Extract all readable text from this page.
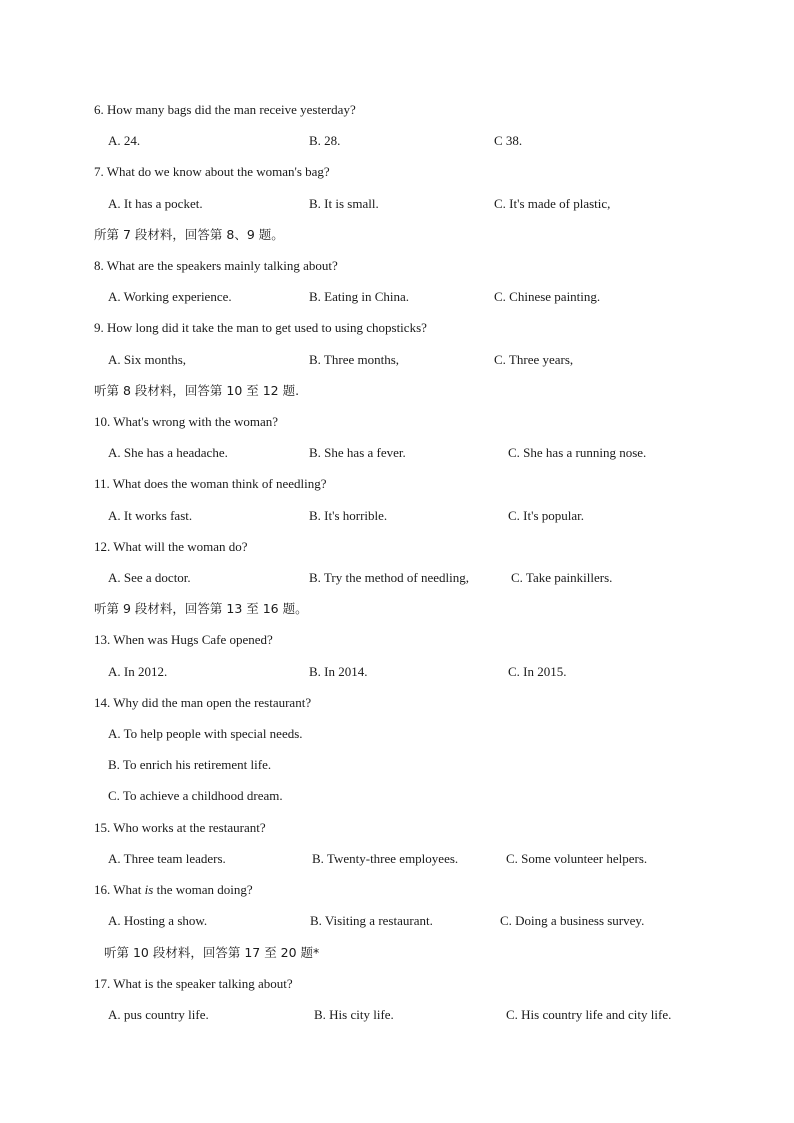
6. How many bags did the man receive yesterday?
A. 24.	B. 28.	C 38.
7. What do we know about the woman's bag?
A. It has a pocket.	B. It is small.	C. It's made of plastic,
所第 7 段材料，回答第 8、9 题。
8. What are the speakers mainly talking about?
A. Working experience.	B. Eating in China.	C. Chinese painting.
9. How long did it take the man to get used to using chopsticks?
A. Six months,	B. Three months,	C. Three years,
听第 8 段材料，回答第 10 至 12 题.
10. What's wrong with the woman?
A. She has a headache.	B. She has a fever.	C. She has a running nose.
11. What does the woman think of needling?
A. It works fast.	B. It's horrible.	C. It's popular.
12. What will the woman do?
A. See a doctor.	B. Try the method of needling,	C. Take painkillers.
听第 9 段材料，回答第 13 至 16 题。
13. When was Hugs Cafe opened?
A. In 2012.	B. In 2014.	C. In 2015.
14. Why did the man open the restaurant?
A. To help people with special needs.
B. To enrich his retirement life.
C. To achieve a childhood dream.
15. Who works at the restaurant?
A. Three team leaders.	B. Twenty-three employees.	C. Some volunteer helpers.
16. What is the woman doing?
A. Hosting a show.	B. Visiting a restaurant.	C. Doing a business survey.
听第 10 段材料，回答第 17 至 20 题*
17. What is the speaker talking about?
A. pus country life.	B. His city life.	C. His country life and city life.
